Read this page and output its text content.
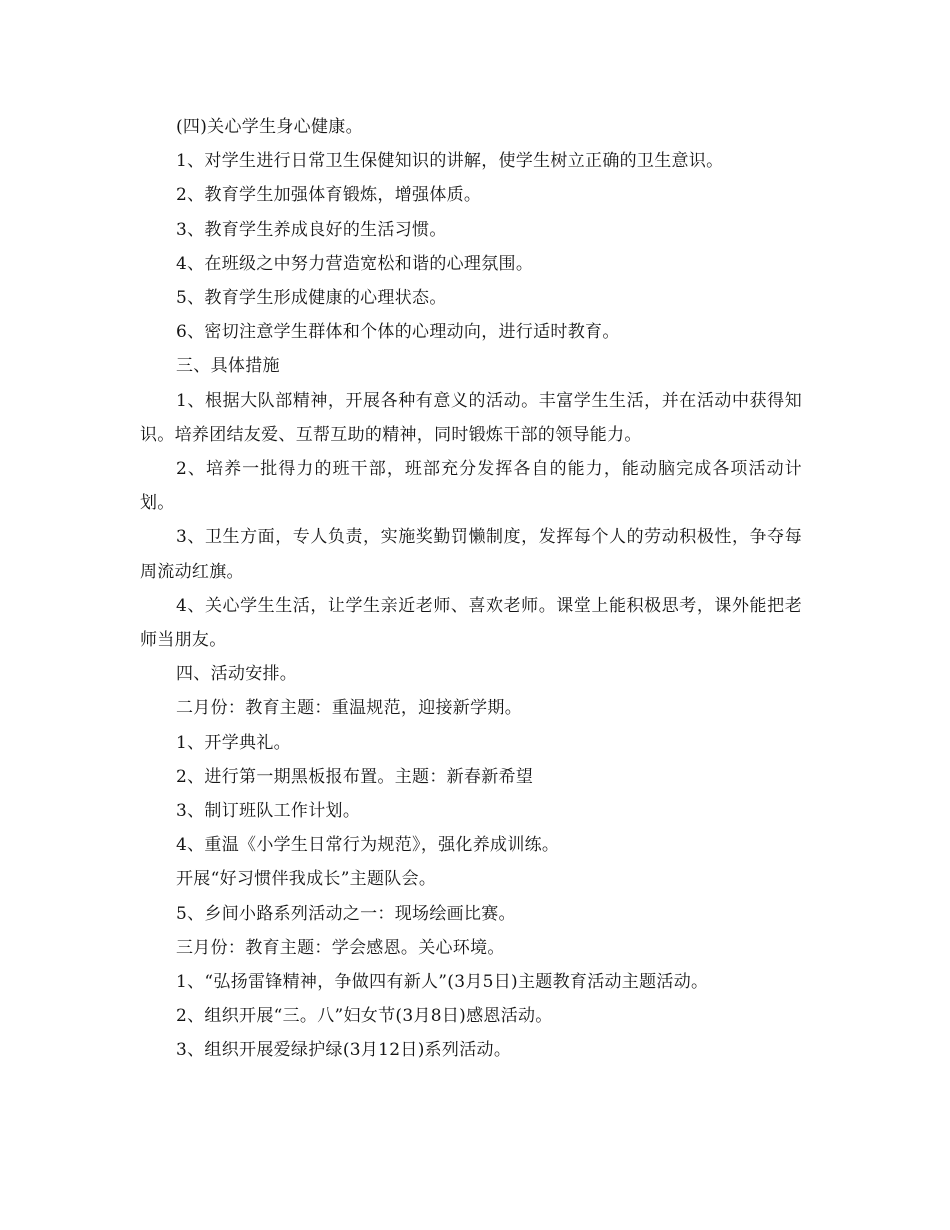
(四)关心学生身心健康。

1、对学生进行日常卫生保健知识的讲解，使学生树立正确的卫生意识。

2、教育学生加强体育锻炼，增强体质。

3、教育学生养成良好的生活习惯。

4、在班级之中努力营造宽松和谐的心理氛围。

5、教育学生形成健康的心理状态。

6、密切注意学生群体和个体的心理动向，进行适时教育。

三、具体措施

1、根据大队部精神，开展各种有意义的活动。丰富学生生活，并在活动中获得知识。培养团结友爱、互帮互助的精神，同时锻炼干部的领导能力。

2、培养一批得力的班干部，班部充分发挥各自的能力，能动脑完成各项活动计划。

3、卫生方面，专人负责，实施奖勤罚懒制度，发挥每个人的劳动积极性，争夺每周流动红旗。

4、关心学生生活，让学生亲近老师、喜欢老师。课堂上能积极思考，课外能把老师当朋友。

四、活动安排。

二月份：教育主题：重温规范，迎接新学期。

1、开学典礼。

2、进行第一期黑板报布置。主题：新春新希望

3、制订班队工作计划。

4、重温《小学生日常行为规范》，强化养成训练。

开展“好习惯伴我成长”主题队会。

5、乡间小路系列活动之一：现场绘画比赛。

三月份：教育主题：学会感恩。关心环境。

1、“弘扬雷锋精神，争做四有新人”(3月5日)主题教育活动主题活动。

2、组织开展“三。八”妇女节(3月8日)感恩活动。

3、组织开展爱绿护绿(3月12日)系列活动。
